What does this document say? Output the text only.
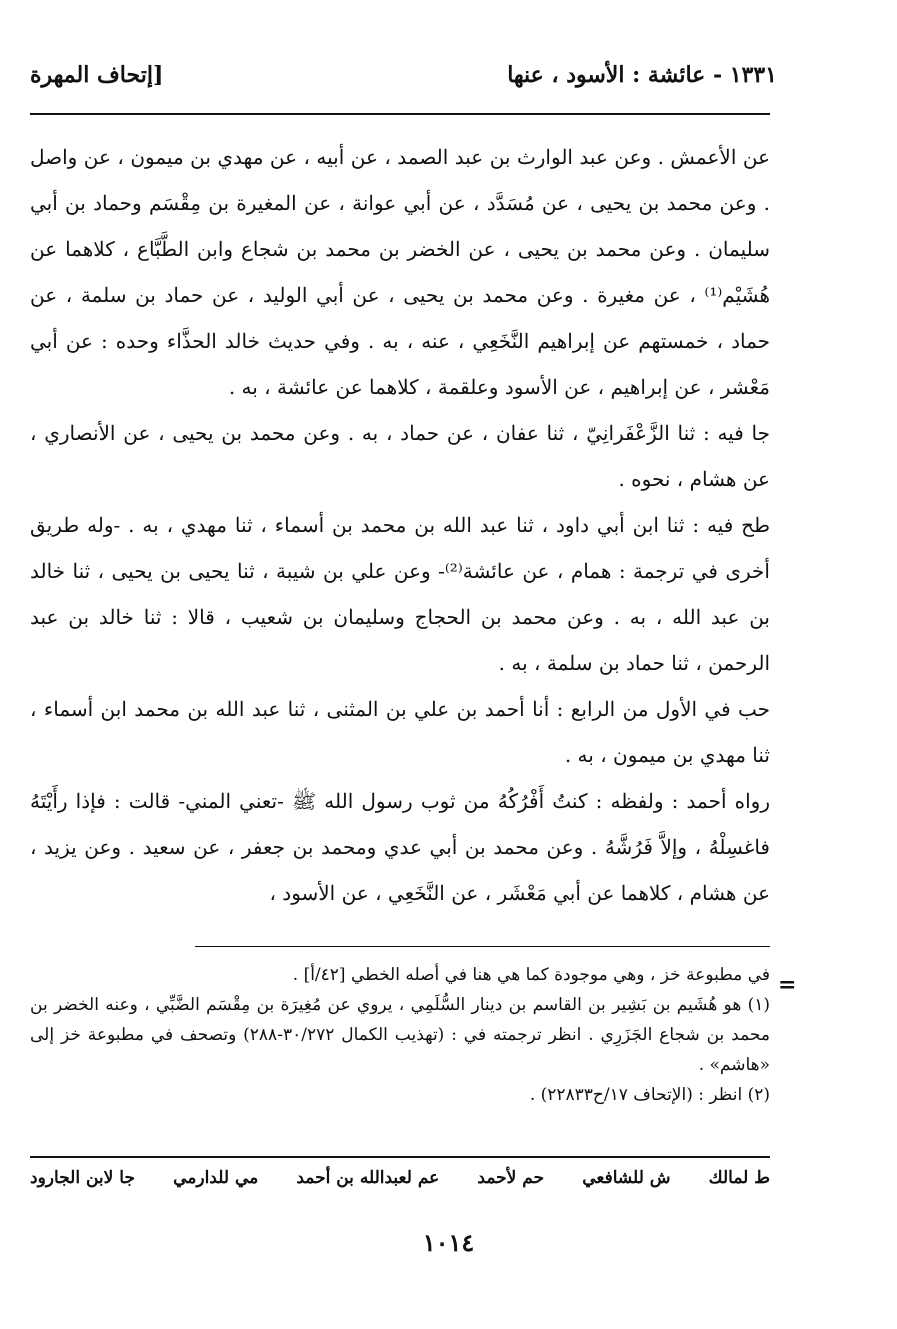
١٣٣١ - عائشة : الأسود ، عنها
[إتحاف المهرة

عن الأعمش . وعن عبد الوارث بن عبد الصمد ، عن أبيه ، عن مهدي بن ميمون ، عن واصل . وعن محمد بن يحيى ، عن مُسَدَّد ، عن أبي عوانة ، عن المغيرة بن مِقْسَم وحماد بن أبي سليمان . وعن محمد بن يحيى ، عن الخضر بن محمد بن شجاع وابن الطَّبَّاع ، كلاهما عن هُشَيْم⁽¹⁾ ، عن مغيرة . وعن محمد بن يحيى ، عن أبي الوليد ، عن حماد بن سلمة ، عن حماد ، خمستهم عن إبراهيم النَّخَعِي ، عنه ، به . وفي حديث خالد الحذَّاء وحده : عن أبي مَعْشر ، عن إبراهيم ، عن الأسود وعلقمة ، كلاهما عن عائشة ، به .

جا فيه : ثنا الزَّعْفَرانِيّ ، ثنا عفان ، عن حماد ، به . وعن محمد بن يحيى ، عن الأنصاري ، عن هشام ، نحوه .

طح فيه : ثنا ابن أبي داود ، ثنا عبد الله بن محمد بن أسماء ، ثنا مهدي ، به . -وله طريق أخرى في ترجمة : همام ، عن عائشة⁽²⁾- وعن علي بن شيبة ، ثنا يحيى بن يحيى ، ثنا خالد بن عبد الله ، به . وعن محمد بن الحجاج وسليمان بن شعيب ، قالا : ثنا خالد بن عبد الرحمن ، ثنا حماد بن سلمة ، به .

حب في الأول من الرابع : أنا أحمد بن علي بن المثنى ، ثنا عبد الله بن محمد ابن أسماء ، ثنا مهدي بن ميمون ، به .

رواه أحمد : ولفظه : كنتُ أَفْرُكُهُ من ثوب رسول الله ﷺ -تعني المني- قالت : فإذا رأَيْتَهُ فاغسِلْهُ ، وإلاَّ فَرُشَّهُ . وعن محمد بن أبي عدي ومحمد بن جعفر ، عن سعيد . وعن يزيد ، عن هشام ، كلاهما عن أبي مَعْشَر ، عن النَّخَعِي ، عن الأسود ،

=

في مطبوعة خز ، وهي موجودة كما هي هنا في أصله الخطي [٤٢/أ] .

(١) هو هُشَيم بن بَشِير بن القاسم بن دينار السُّلَمِي ، يروي عن مُغِيرَة بن مِقْسَم الضَّبِّي ، وعنه الخضر بن محمد بن شجاع الجَزَرِي . انظر ترجمته في : (تهذيب الكمال ٣٠/٢٧٢-٢٨٨) وتصحف في مطبوعة خز إلى «هاشم» .

(٢) انظر : (الإتحاف ١٧/ح٢٢٨٣٣) .

ط لمالك
ش للشافعي
حم لأحمد
عم لعبدالله بن أحمد
مي للدارمي
جا لابن الجارود
١٠١٤
